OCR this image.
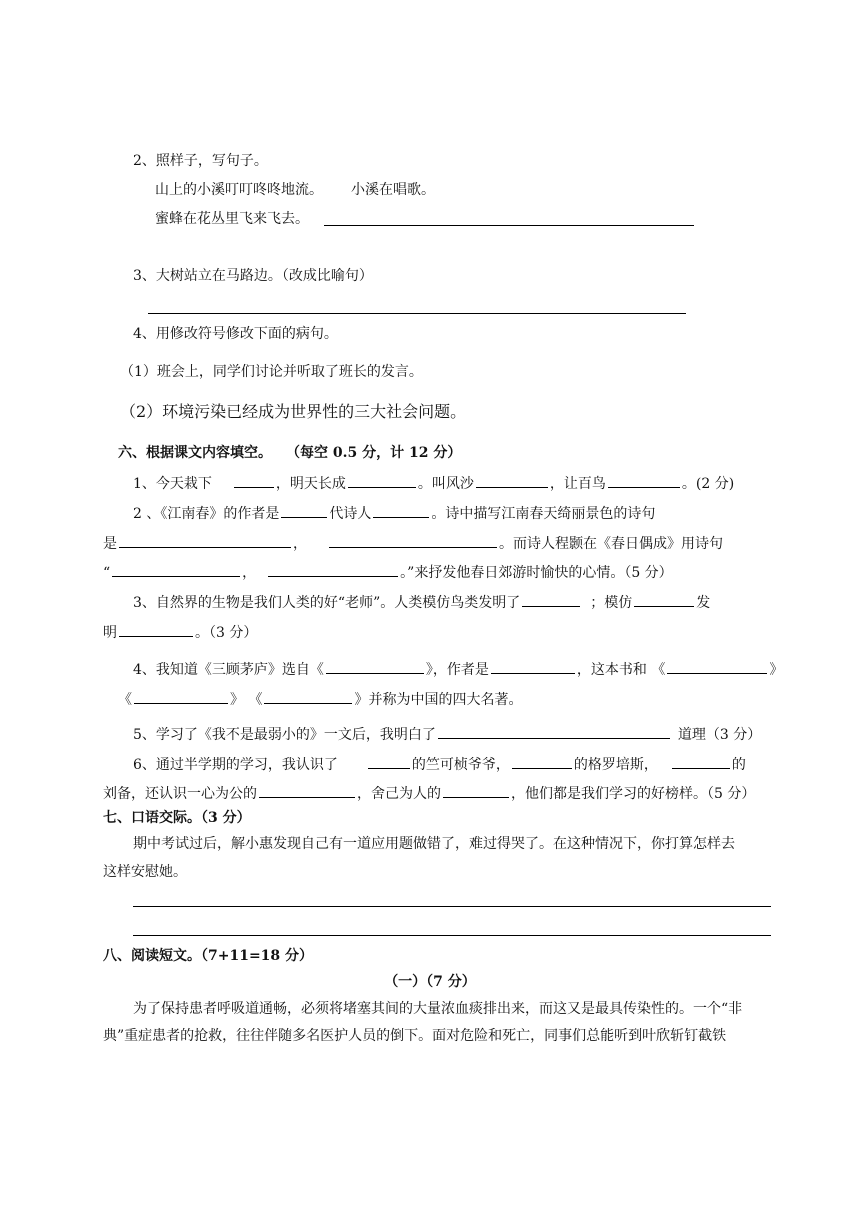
2、照样子，写句子。
山上的小溪叮叮咚咚地流。 小溪在唱歌。
蜜蜂在花丛里飞来飞去。
3、大树站立在马路边。（改成比喻句）
4、用修改符号修改下面的病句。
（1）班会上，同学们讨论并听取了班长的发言。
（2）环境污染已经成为世界性的三大社会问题。
六、根据课文内容填空。 （每空 0.5 分，计 12 分）
1、今天栽下	，明天长成	。叫风沙	，让百鸟	。(2 分)
2 、《江南春》的作者是	代诗人	。诗中描写江南春天绮丽景色的诗句
是	，	。而诗人程颢在《春日偶成》用诗句
“	，	。”来抒发他春日郊游时愉快的心情。（5 分）
3、自然界的生物是我们人类的好“老师”。人类模仿鸟类发明了	；模仿	发
明	。（3 分）
4、我知道《三顾茅庐》选自《	》，作者是	，这本书和 《	》
《	》 《	》并称为中国的四大名著。
5、学习了《我不是最弱小的》一文后，我明白了	道理（3 分）
6、通过半学期的学习，我认识了	的竺可桢爷爷，	的格罗培斯，	的
刘备，还认识一心为公的	，舍己为人的	，他们都是我们学习的好榜样。（5 分）
七、口语交际。（3 分）
期中考试过后，解小惠发现自己有一道应用题做错了，难过得哭了。在这种情况下，你打算怎样去
这样安慰她。
八、阅读短文。（7+11=18 分）
（一）（7 分）
为了保持患者呼吸道通畅，必须将堵塞其间的大量浓血痰排出来，而这又是最具传染性的。一个“非
典”重症患者的抢救，往往伴随多名医护人员的倒下。面对危险和死亡，同事们总能听到叶欣斩钉截铁
